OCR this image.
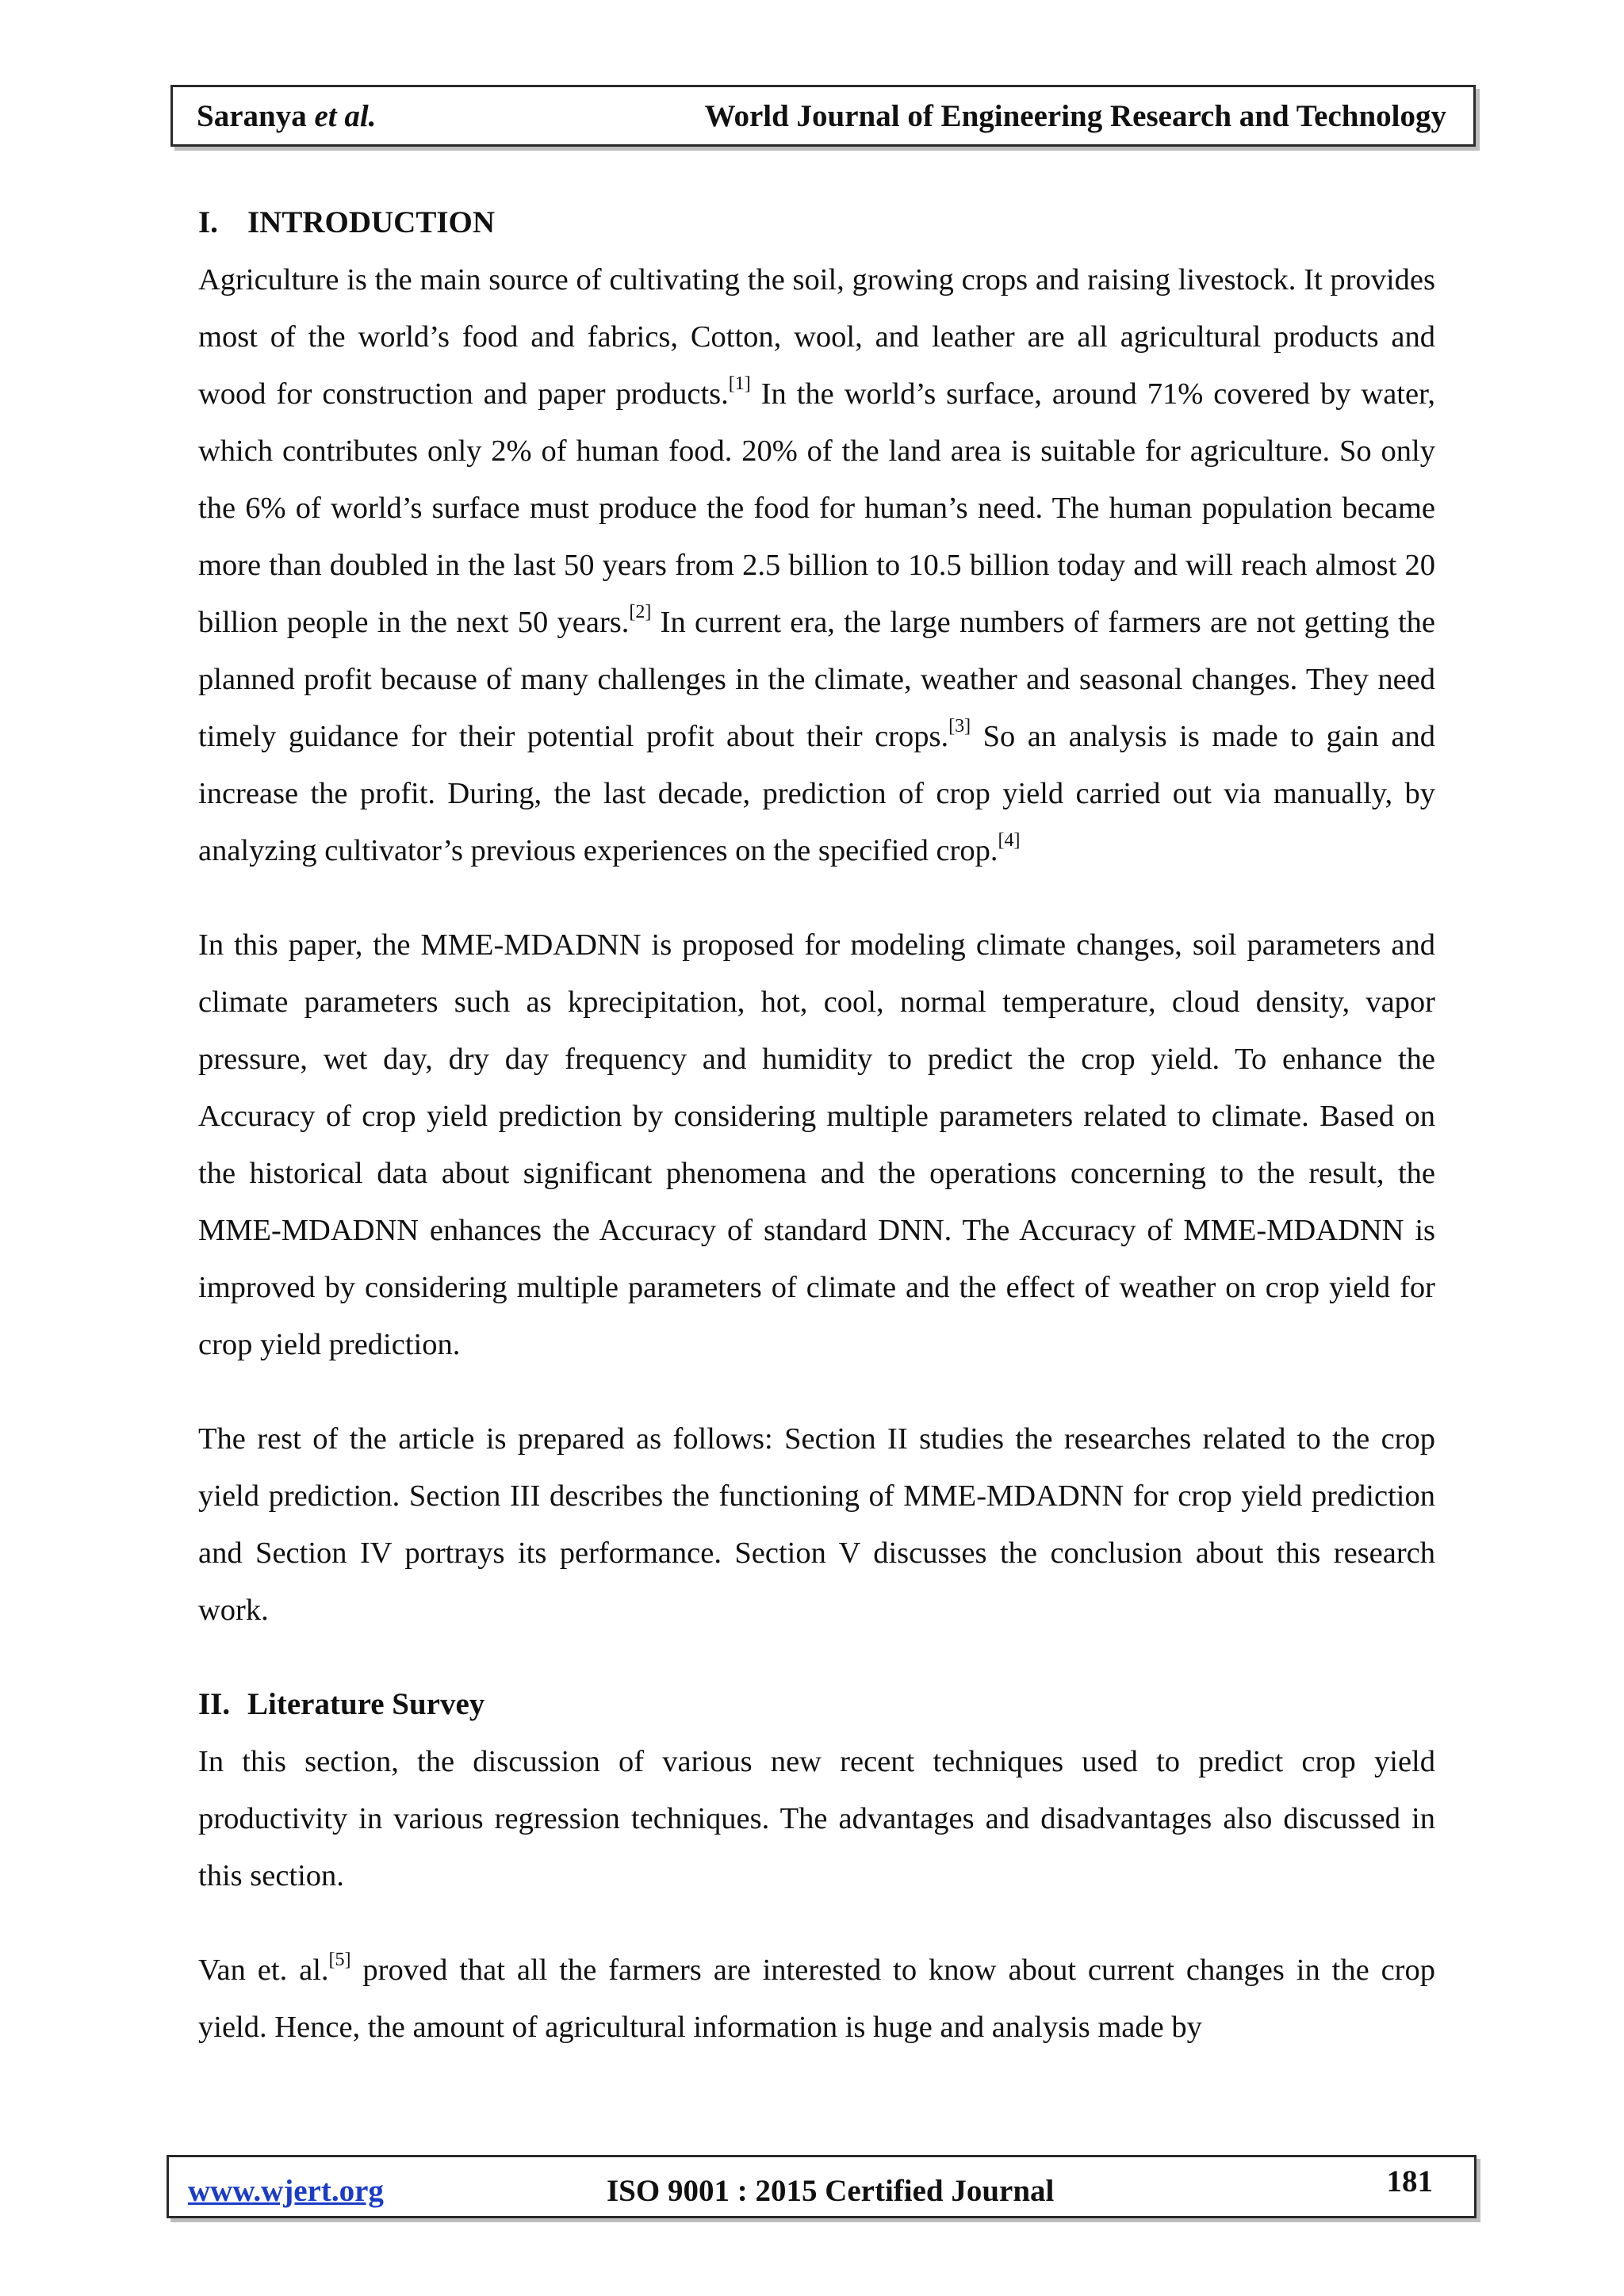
Saranya et al.	World Journal of Engineering Research and Technology
I. INTRODUCTION

Agriculture is the main source of cultivating the soil, growing crops and raising livestock. It provides most of the world’s food and fabrics, Cotton, wool, and leather are all agricultural products and wood for construction and paper products.[1] In the world’s surface, around 71% covered by water, which contributes only 2% of human food. 20% of the land area is suitable for agriculture. So only the 6% of world’s surface must produce the food for human’s need. The human population became more than doubled in the last 50 years from 2.5 billion to 10.5 billion today and will reach almost 20 billion people in the next 50 years.[2] In current era, the large numbers of farmers are not getting the planned profit because of many challenges in the climate, weather and seasonal changes. They need timely guidance for their potential profit about their crops.[3] So an analysis is made to gain and increase the profit. During, the last decade, prediction of crop yield carried out via manually, by analyzing cultivator’s previous experiences on the specified crop.[4]

In this paper, the MME-MDADNN is proposed for modeling climate changes, soil parameters and climate parameters such as kprecipitation, hot, cool, normal temperature, cloud density, vapor pressure, wet day, dry day frequency and humidity to predict the crop yield. To enhance the Accuracy of crop yield prediction by considering multiple parameters related to climate. Based on the historical data about significant phenomena and the operations concerning to the result, the MME-MDADNN enhances the Accuracy of standard DNN. The Accuracy of MME-MDADNN is improved by considering multiple parameters of climate and the effect of weather on crop yield for crop yield prediction.

The rest of the article is prepared as follows: Section II studies the researches related to the crop yield prediction. Section III describes the functioning of MME-MDADNN for crop yield prediction and Section IV portrays its performance. Section V discusses the conclusion about this research work.

II. Literature Survey

In this section, the discussion of various new recent techniques used to predict crop yield productivity in various regression techniques. The advantages and disadvantages also discussed in this section.

Van et. al.[5] proved that all the farmers are interested to know about current changes in the crop yield. Hence, the amount of agricultural information is huge and analysis made by

www.wjert.org	ISO 9001 : 2015 Certified Journal	181
